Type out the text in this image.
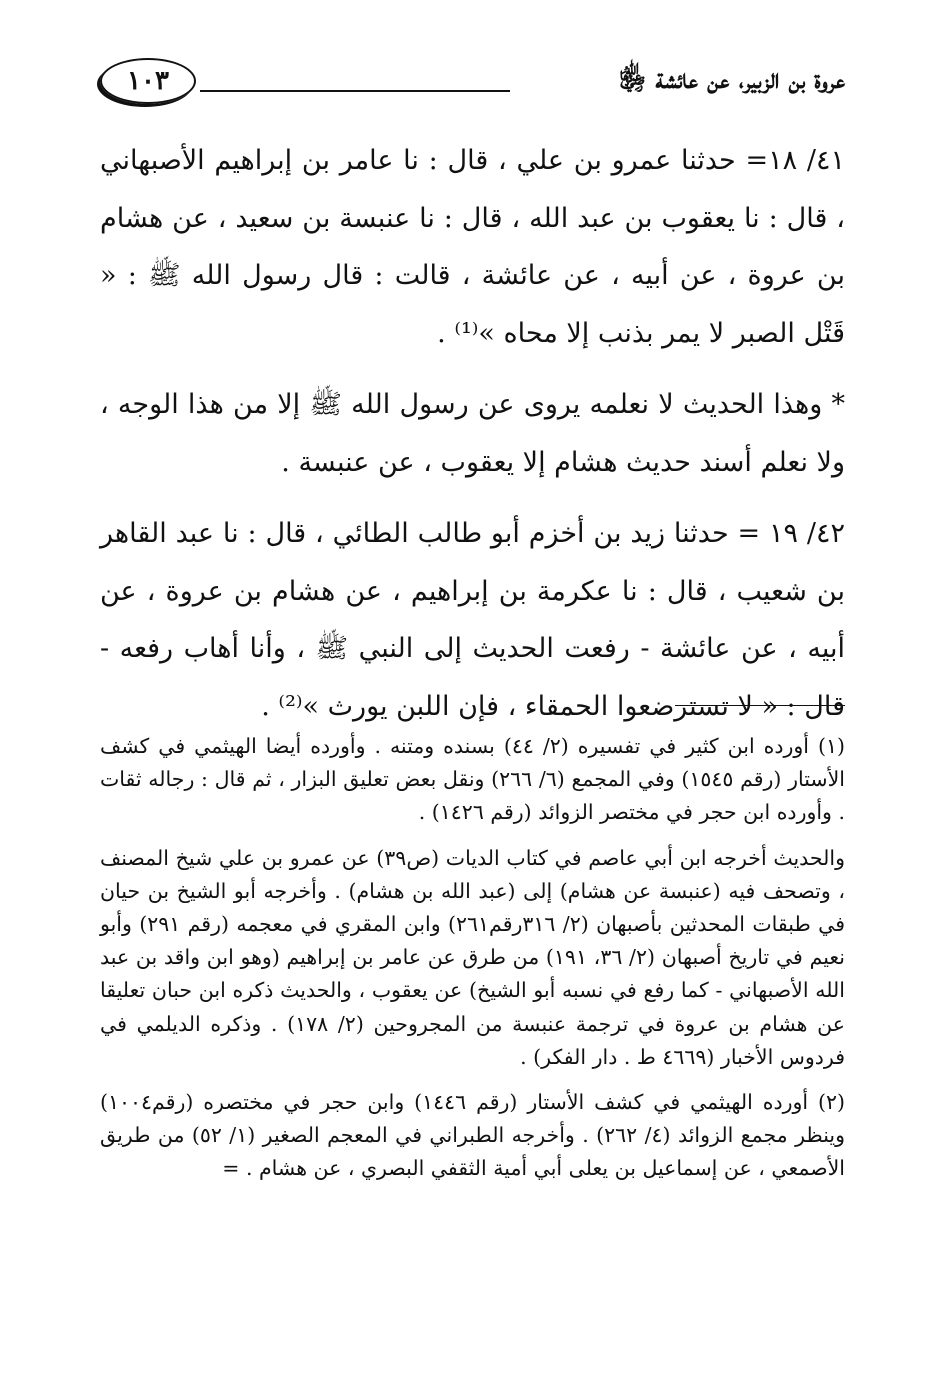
عروة بن الزبير، عن عائشة ﵂
١٠٣

٤١/ ١٨= حدثنا عمرو بن علي ، قال : نا عامر بن إبراهيم الأصبهاني ، قال : نا يعقوب بن عبد الله ، قال : نا عنبسة بن سعيد ، عن هشام بن عروة ، عن أبيه ، عن عائشة ، قالت : قال رسول الله ﷺ : « قَتْل الصبر لا يمر بذنب إلا محاه »⁽¹⁾ .

* وهذا الحديث لا نعلمه يروى عن رسول الله ﷺ إلا من هذا الوجه ، ولا نعلم أسند حديث هشام إلا يعقوب ، عن عنبسة .

٤٢/ ١٩ = حدثنا زيد بن أخزم أبو طالب الطائي ، قال : نا عبد القاهر بن شعيب ، قال : نا عكرمة بن إبراهيم ، عن هشام بن عروة ، عن أبيه ، عن عائشة - رفعت الحديث إلى النبي ﷺ ، وأنا أهاب رفعه - قال : « لا تسترضعوا الحمقاء ، فإن اللبن يورث »⁽²⁾ .

(١) أورده ابن كثير في تفسيره (٢/ ٤٤) بسنده ومتنه . وأورده أيضا الهيثمي في كشف الأستار (رقم ١٥٤٥) وفي المجمع (٦/ ٢٦٦) ونقل بعض تعليق البزار ، ثم قال : رجاله ثقات . وأورده ابن حجر في مختصر الزوائد (رقم ١٤٢٦) .

والحديث أخرجه ابن أبي عاصم في كتاب الديات (ص٣٩) عن عمرو بن علي شيخ المصنف ، وتصحف فيه (عنبسة عن هشام) إلى (عبد الله بن هشام) . وأخرجه أبو الشيخ بن حيان في طبقات المحدثين بأصبهان (٢/ ٣١٦رقم٢٦١) وابن المقري في معجمه (رقم ٢٩١) وأبو نعيم في تاريخ أصبهان (٢/ ٣٦، ١٩١) من طرق عن عامر بن إبراهيم (وهو ابن واقد بن عبد الله الأصبهاني - كما رفع في نسبه أبو الشيخ) عن يعقوب ، والحديث ذكره ابن حبان تعليقا عن هشام بن عروة في ترجمة عنبسة من المجروحين (٢/ ١٧٨) . وذكره الديلمي في فردوس الأخبار (٤٦٦٩ ط . دار الفكر) .

(٢) أورده الهيثمي في كشف الأستار (رقم ١٤٤٦) وابن حجر في مختصره (رقم١٠٠٤) وينظر مجمع الزوائد (٤/ ٢٦٢) . وأخرجه الطبراني في المعجم الصغير (١/ ٥٢) من طريق الأصمعي ، عن إسماعيل بن يعلى أبي أمية الثقفي البصري ، عن هشام . =
